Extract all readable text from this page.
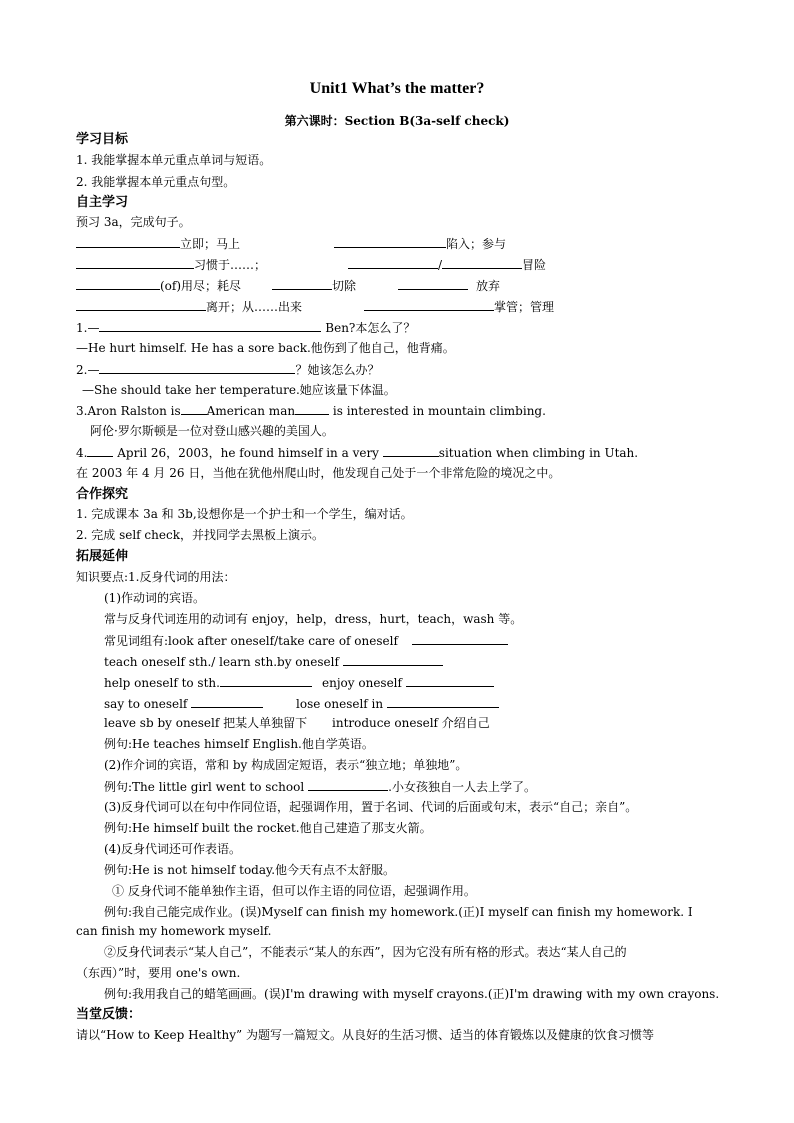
Unit1 What’s the matter?
第六课时：Section B(3a-self check)
学习目标
1. 我能掌握本单元重点单词与短语。
2. 我能掌握本单元重点句型。
自主学习
预习 3a，完成句子。
立即；马上	陷入；参与
习惯于……；	/	冒险
(of)用尽；耗尽	切除	放弃
离开；从……出来	掌管；管理
1.—	Ben?本怎么了？
—He hurt himself. He has a sore back.他伤到了他自己，他背痛。
2.—	？她该怎么办？
—She should take her temperature.她应该量下体温。
3.Aron Ralston is American man	is interested in mountain climbing.
阿伦·罗尔斯顿是一位对登山感兴趣的美国人。
4. April 26，2003，he found himself in a very	situation when climbing in Utah.
在 2003 年 4 月 26 日，当他在犹他州爬山时，他发现自己处于一个非常危险的境况之中。
合作探究
1. 完成课本 3a 和 3b,设想你是一个护士和一个学生，编对话。
2. 完成 self check，并找同学去黑板上演示。
拓展延伸
知识要点:1.反身代词的用法：
(1)作动词的宾语。
常与反身代词连用的动词有 enjoy，help，dress，hurt，teach，wash 等。
常见词组有:look after oneself/take care of oneself
teach oneself sth./ learn sth.by oneself
help oneself to sth.	enjoy oneself
say to oneself	lose oneself in
leave sb by oneself 把某人单独留下 introduce oneself 介绍自己
例句:He teaches himself English.他自学英语。
(2)作介词的宾语，常和 by 构成固定短语，表示“独立地；单独地”。
例句:The little girl went to school	.小女孩独自一人去上学了。
(3)反身代词可以在句中作同位语，起强调作用，置于名词、代词的后面或句末，表示“自己；亲自”。
例句:He himself built the rocket.他自己建造了那支火箭。
(4)反身代词还可作表语。
例句:He is not himself today.他今天有点不太舒服。
① 反身代词不能单独作主语，但可以作主语的同位语，起强调作用。
例句:我自己能完成作业。(误)Myself can finish my homework.(正)I myself can finish my homework. I
can finish my homework myself.
②反身代词表示“某人自己”，不能表示“某人的东西”，因为它没有所有格的形式。表达“某人自己的
（东西）”时，要用 one's own.
例句:我用我自己的蜡笔画画。(误)I'm drawing with myself crayons.(正)I'm drawing with my own crayons.
当堂反馈：
请以“How to Keep Healthy” 为题写一篇短文。从良好的生活习惯、适当的体育锻炼以及健康的饮食习惯等
